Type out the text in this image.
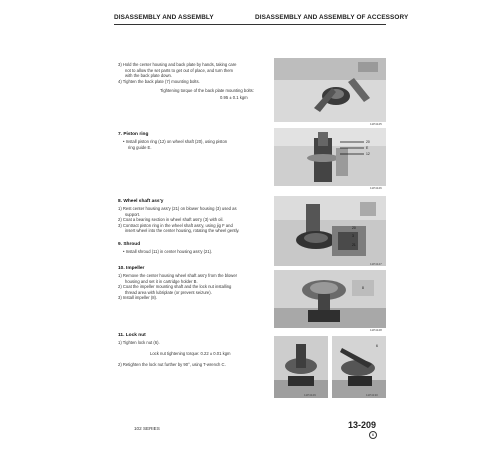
DISASSEMBLY AND ASSEMBLY	DISASSEMBLY AND ASSEMBLY OF ACCESSORY
3) Hold the center housing and back plate by hands, taking care
not to allow the set parts to get out of place, and turn them
with the back plate down.
4) Tighten the back plate (7) mounting bolts.
Tightening torque of the back plate mounting bolts:
0.95 ± 0.1 kgm
11P4125
7. Piston ring
• Install piston ring (12) on wheel shaft (20), using piston
ring guide E.
20
E
12
11P4126
8. Wheel shaft ass'y
1) Rest center housing ass'y (21) on blower housing (3) used as
support.
2) Coat a bearing section in wheel shaft ass'y (3) with oil.
3) Contract piston ring in the wheel shaft ass'y, using jig F and
insert wheel into the center housing, rotating the wheel gently.
20
3
21
11P4127
9. Shroud
• Install shroud (11) in center housing ass'y (21).
10. Impeller
1) Remove the center housing wheel shaft ass'y from the blower
housing and set it in cartridge holder B.
2) Coat the impeller mounting shaft and the lock nut installing
thread area with lubriplate (or prevent seizure).
3) Install impeller (8).
8
11P4128
11. Lock nut
1) Tighten lock nut (6).
Lock nut tightening torque: 0.22 ± 0.01 kgm
2) Retighten the lock nut further by 90°, using T-wrench C.
6
11P4129	11P4130
102 SERIES	13-209
6
